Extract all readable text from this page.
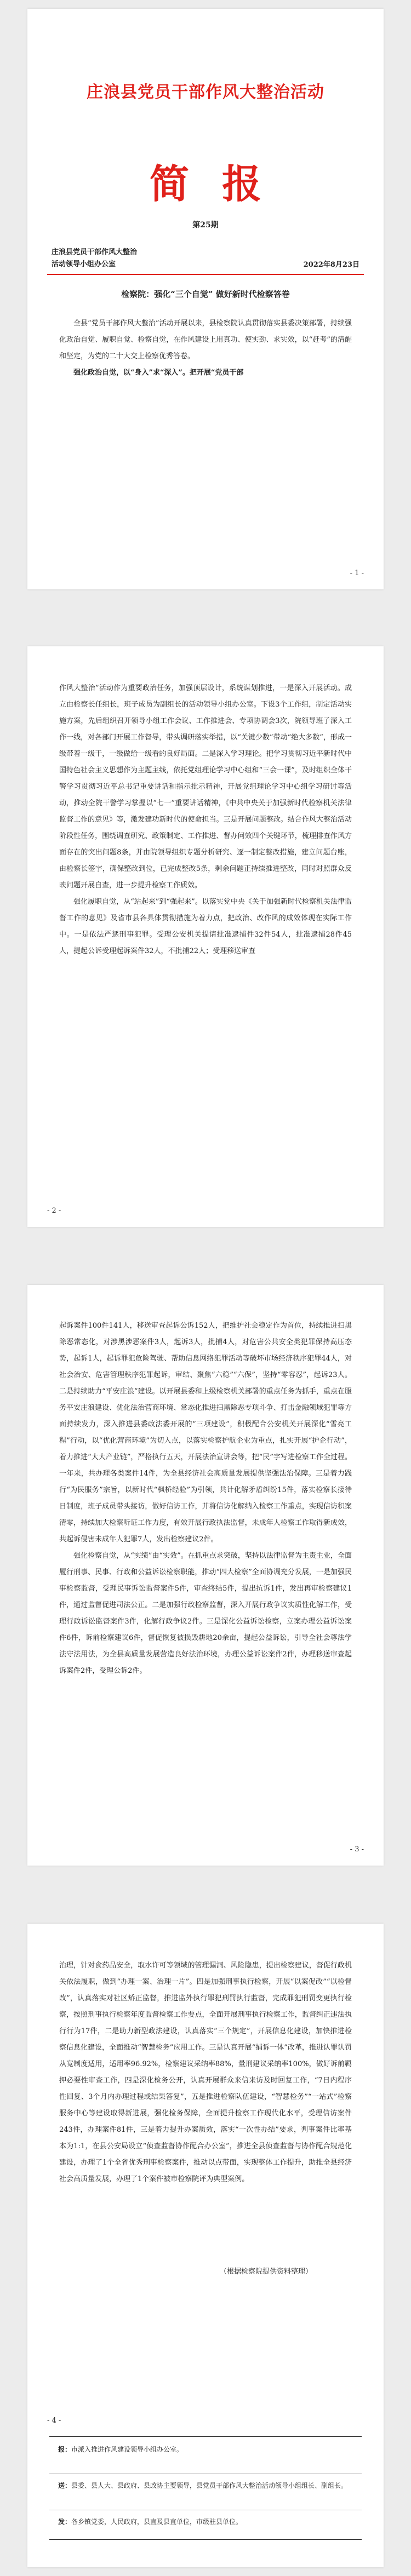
庄浪县党员干部作风大整治活动
简报
第25期
庄浪县党员干部作风大整治
活动领导小组办公室	2022年8月23日
检察院：强化“三个自觉” 做好新时代检察答卷

全县“党员干部作风大整治”活动开展以来，县检察院认真贯彻落实县委决策部署，持续强化政治自觉、履职自觉、检察自觉，在作风建设上用真功、使实劲、求实效，以“赶考”的清醒和坚定，为党的二十大交上检察优秀答卷。

强化政治自觉，以“身入”求“深入”。把开展“党员干部

- 1 -

作风大整治”活动作为重要政治任务，加强顶层设计，系统谋划推进，一是深入开展活动。成立由检察长任组长，班子成员为副组长的活动领导小组办公室。下设3个工作组，制定活动实施方案，先后组织召开领导小组工作会议、工作推进会、专项协调会3次，院领导班子深入工作一线，对各部门开展工作督导，带头调研落实举措，以“关键少数”带动“绝大多数”，形成一级带着一级干，一级做给一级看的良好局面。二是深入学习理论。把学习贯彻习近平新时代中国特色社会主义思想作为主题主线，依托党组理论学习中心组和“三会一课”，及时组织全体干警学习贯彻习近平总书记重要讲话和指示批示精神，开展党组理论学习中心组学习研讨等活动，推动全院干警学习掌握以“七一”重要讲话精神，《中共中央关于加强新时代检察机关法律监督工作的意见》等，激发建功新时代的使命担当。三是开展问题整改。结合作风大整治活动阶段性任务，围绕调查研究、政策制定、工作推进、督办问效四个关键环节，梳理排查作风方面存在的突出问题8条，并由院领导组织专题分析研究、逐一制定整改措施，建立问题台账，由检察长签字，确保整改到位，已完成整改5条，剩余问题正持续推进整改，同时对照群众反映问题开展自查，进一步提升检察工作质效。

强化履职自觉，从“站起来”到“强起来”。以落实党中央《关于加强新时代检察机关法律监督工作的意见》及省市县各具体贯彻措施为着力点，把政治、改作风的成效体现在实际工作中。一是依法严惩刑事犯罪。受理公安机关提请批准逮捕件32件54人，批准逮捕28件45人，提起公诉受理起诉案件32人，不批捕22人；受理移送审查

- 2 -

起诉案件100件141人，移送审查起诉公诉152人，把维护社会稳定作为首位，持续推进扫黑除恶常态化，对涉黑涉恶案件3人，起诉3人，批捕4人，对危害公共安全类犯罪保持高压态势，起诉1人，起诉罪犯危险驾驶、帮助信息网络犯罪活动等破坏市场经济秩序犯罪44人，对社会治安、危害管理秩序犯罪起诉，审结、聚焦“六稳”“六保”，坚持“零容忍”，起诉23人。二是持续助力“平安庄浪”建设。以开展县委和上级检察机关部署的重点任务为抓手，重点在服务平安庄浪建设、优化法治营商环境、常态化推进扫黑除恶专项斗争、打击金融领域犯罪等方面持续发力，深入推进县委政法委开展的“三项建设”，积极配合公安机关开展深化“雪亮工程”行动，以“优化营商环境”为切入点，以落实检察护航企业为重点，扎实开展“护企行动”，着力推进“大大产业链”，严格执行五天，开展法治宣讲会等，把“民”字写进检察工作全过程。一年来，共办理各类案件14件，为全县经济社会高质量发展提供坚强法治保障。三是着力践行“为民服务”宗旨，以新时代“枫桥经验”为引领，共计化解矛盾纠纷15件，落实检察长接待日制度，班子成员带头接访，做好信访工作，并将信访化解纳入检察工作重点，实现信访积案清零，持续加大检察听证工作力度，有效开展行政执法监督，未成年人检察工作取得新成效，共起诉侵害未成年人犯罪7人，发出检察建议2件。

强化检察自觉，从“实绩”由“实效”。在抓重点求突破，坚持以法律监督为主责主业，全面履行刑事、民事、行政和公益诉讼检察职能，推动“四大检察”全面协调充分发展，一是加强民事检察监督，受理民事诉讼监督案件5件，审查终结5件，提出抗诉1件，发出再审检察建议1件，通过监督促进司法公正。二是加强行政检察监督，深入开展行政争议实质性化解工作，受理行政诉讼监督案件3件，化解行政争议2件。三是深化公益诉讼检察，立案办理公益诉讼案件6件，诉前检察建议6件，督促恢复被损毁耕地20余亩，提起公益诉讼，引导全社会尊法学法守法用法，为全县高质量发展营造良好法治环境，办理公益诉讼案件2件，办理移送审查起诉案件2件，受理公诉2件。

- 3 -

治理，针对食药品安全，取水许可等领域的管理漏洞、风险隐患，提出检察建议，督促行政机关依法履职，做到“办理一案、治理一片”。四是加强刑事执行检察，开展“以案促改”“以检督改”，认真落实对社区矫正监督，推进监外执行罪犯刑罚执行监督，完成罪犯刑罚变更执行检察，按照刑事执行检察年度监督检察工作要点，全面开展刑事执行检察工作，监督纠正违法执行行为17件，二是助力新型政法建设，认真落实“三个规定”，开展信息化建设，加快推进检察信息化建设，全面推动“智慧检务”应用工作。三是认真开展“捕诉一体”改革，推进认罪认罚从宽制度适用，适用率96.92%，检察建议采纳率88%，量刑建议采纳率100%，做好诉前羁押必要性审查工作，四是深化检务公开，认真开展群众来信来访及时回复工作，“7日内程序性回复、3个月内办理过程或结果答复”，五是推进检察队伍建设，“智慧检务”“一站式”检察服务中心等建设取得新进展，强化检务保障，全面提升检察工作现代化水平，受理信访案件243件，办理案件81件，三是着力提升办案质效，落实“一次性办结”要求，判事案件比率基本为1:1，在县公安局设立“侦查监督协作配合办公室”，推进全县侦查监督与协作配合规范化建设，办理了1个全省优秀刑事检察案件，推动以点带面，实现整体工作提升，助推全县经济社会高质量发展，办理了1个案件被市检察院评为典型案例。

（根据检察院提供资料整理）
- 4 -

报：市派入推进作风建设领导小组办公室。

送：县委、县人大、县政府、县政协主要领导，县党员干部作风大整治活动领导小组组长、副组长。

发：各乡镇党委，人民政府，县直及县直单位，市级驻县单位。
